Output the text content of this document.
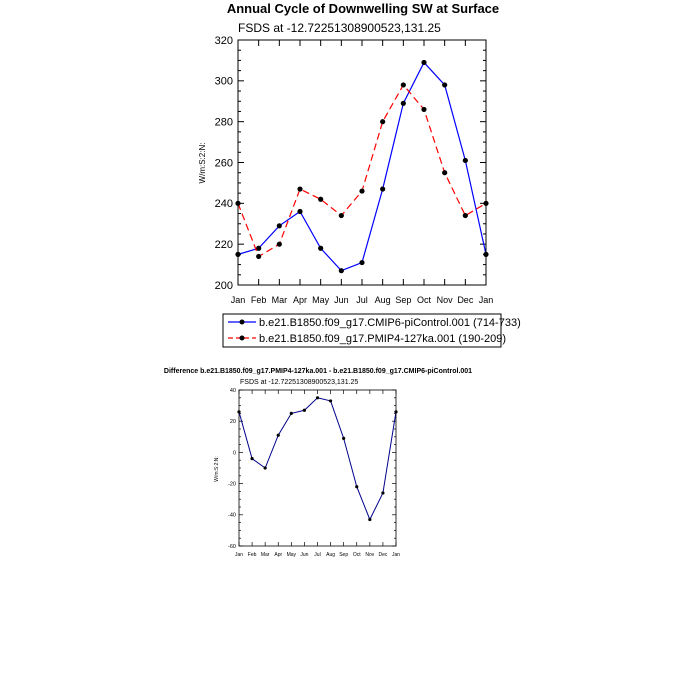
Annual Cycle of Downwelling SW at Surface
FSDS at -12.72251308900523,131.25
W/m:S:2:N:
200
220
240
260
280
300
320
Jan Feb Mar Apr May Jun Jul Aug Sep Oct Nov Dec Jan
b.e21.B1850.f09_g17.CMIP6-piControl.001 (714-733)
b.e21.B1850.f09_g17.PMIP4-127ka.001 (190-209)
Difference b.e21.B1850.f09_g17.PMIP4-127ka.001 - b.e21.B1850.f09_g17.CMIP6-piControl.001
FSDS at -12.72251308900523,131.25
W/m:S:2:N:
-60
-40
-20
0
20
40
Jan Feb Mar Apr May Jun Jul Aug Sep Oct Nov Dec Jan
